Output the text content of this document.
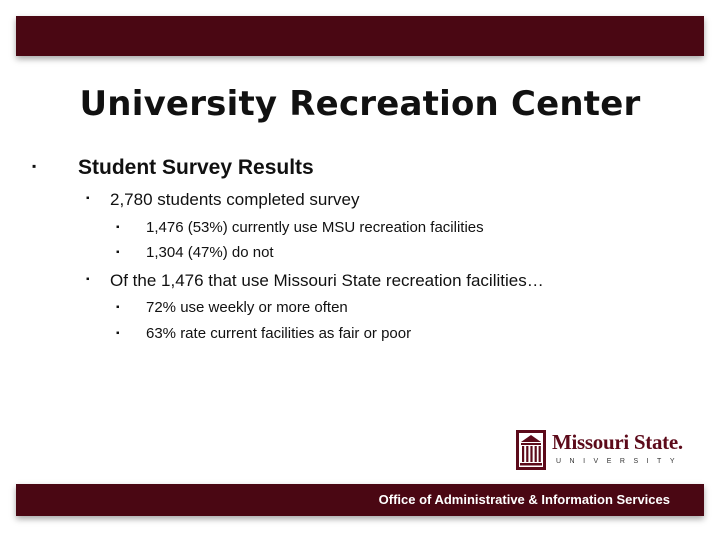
University Recreation Center
▪ Student Survey Results
▪ 2,780 students completed survey
▪ 1,476 (53%) currently use MSU recreation facilities
▪ 1,304 (47%) do not
▪ Of the 1,476 that use Missouri State recreation facilities…
▪ 72% use weekly or more often
▪ 63% rate current facilities as fair or poor
Missouri State.
UNIVERSITY
Office of Administrative & Information Services
